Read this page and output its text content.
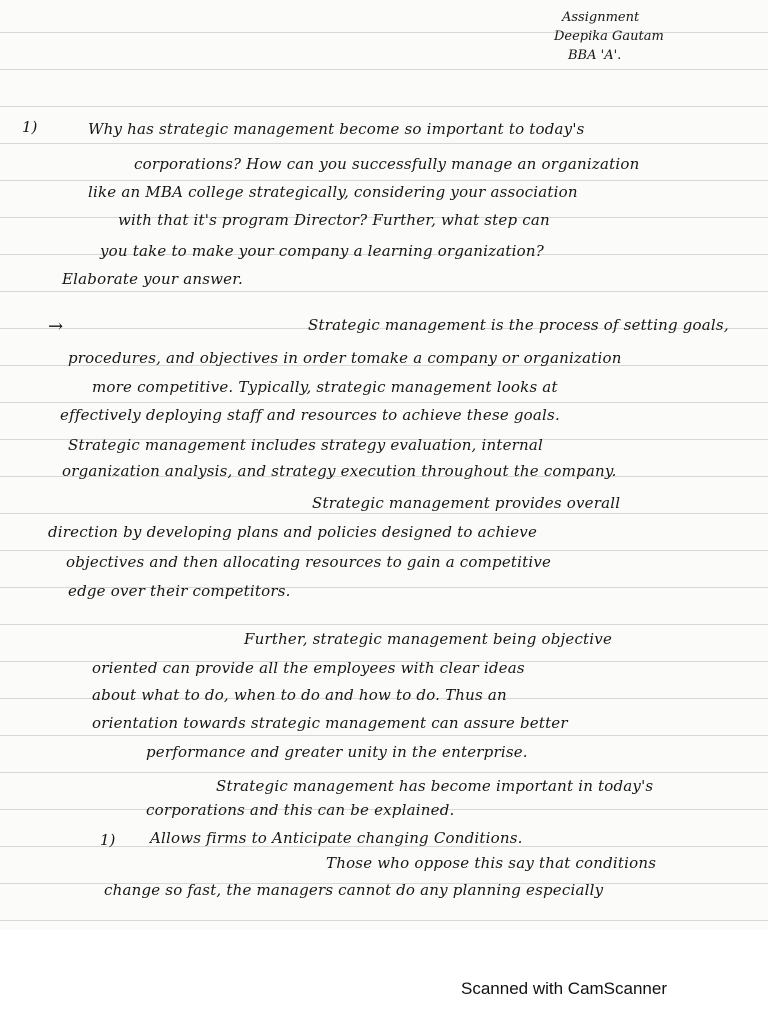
Assignment
Deepika Gautam
BBA 'A'.
1)	Why has strategic management become so important to today's
corporations? How can you successfully manage an organization
like an MBA college strategically, considering your association
with that it's program Director? Further, what step can
you take to make your company a learning organization?
Elaborate your answer.
→	Strategic management is the process of setting goals,
procedures, and objectives in order tomake a company or organization
more competitive. Typically, strategic management looks at
effectively deploying staff and resources to achieve these goals.
Strategic management includes strategy evaluation, internal
organization analysis, and strategy execution throughout the company.
Strategic management provides overall
direction by developing plans and policies designed to achieve
objectives and then allocating resources to gain a competitive
edge over their competitors.
Further, strategic management being objective
oriented can provide all the employees with clear ideas
about what to do, when to do and how to do. Thus an
orientation towards strategic management can assure better
performance and greater unity in the enterprise.
Strategic management has become important in today's
corporations and this can be explained.
1) Allows firms to Anticipate changing Conditions.
Those who oppose this say that conditions
change so fast, the managers cannot do any planning especially
Scanned with CamScanner
